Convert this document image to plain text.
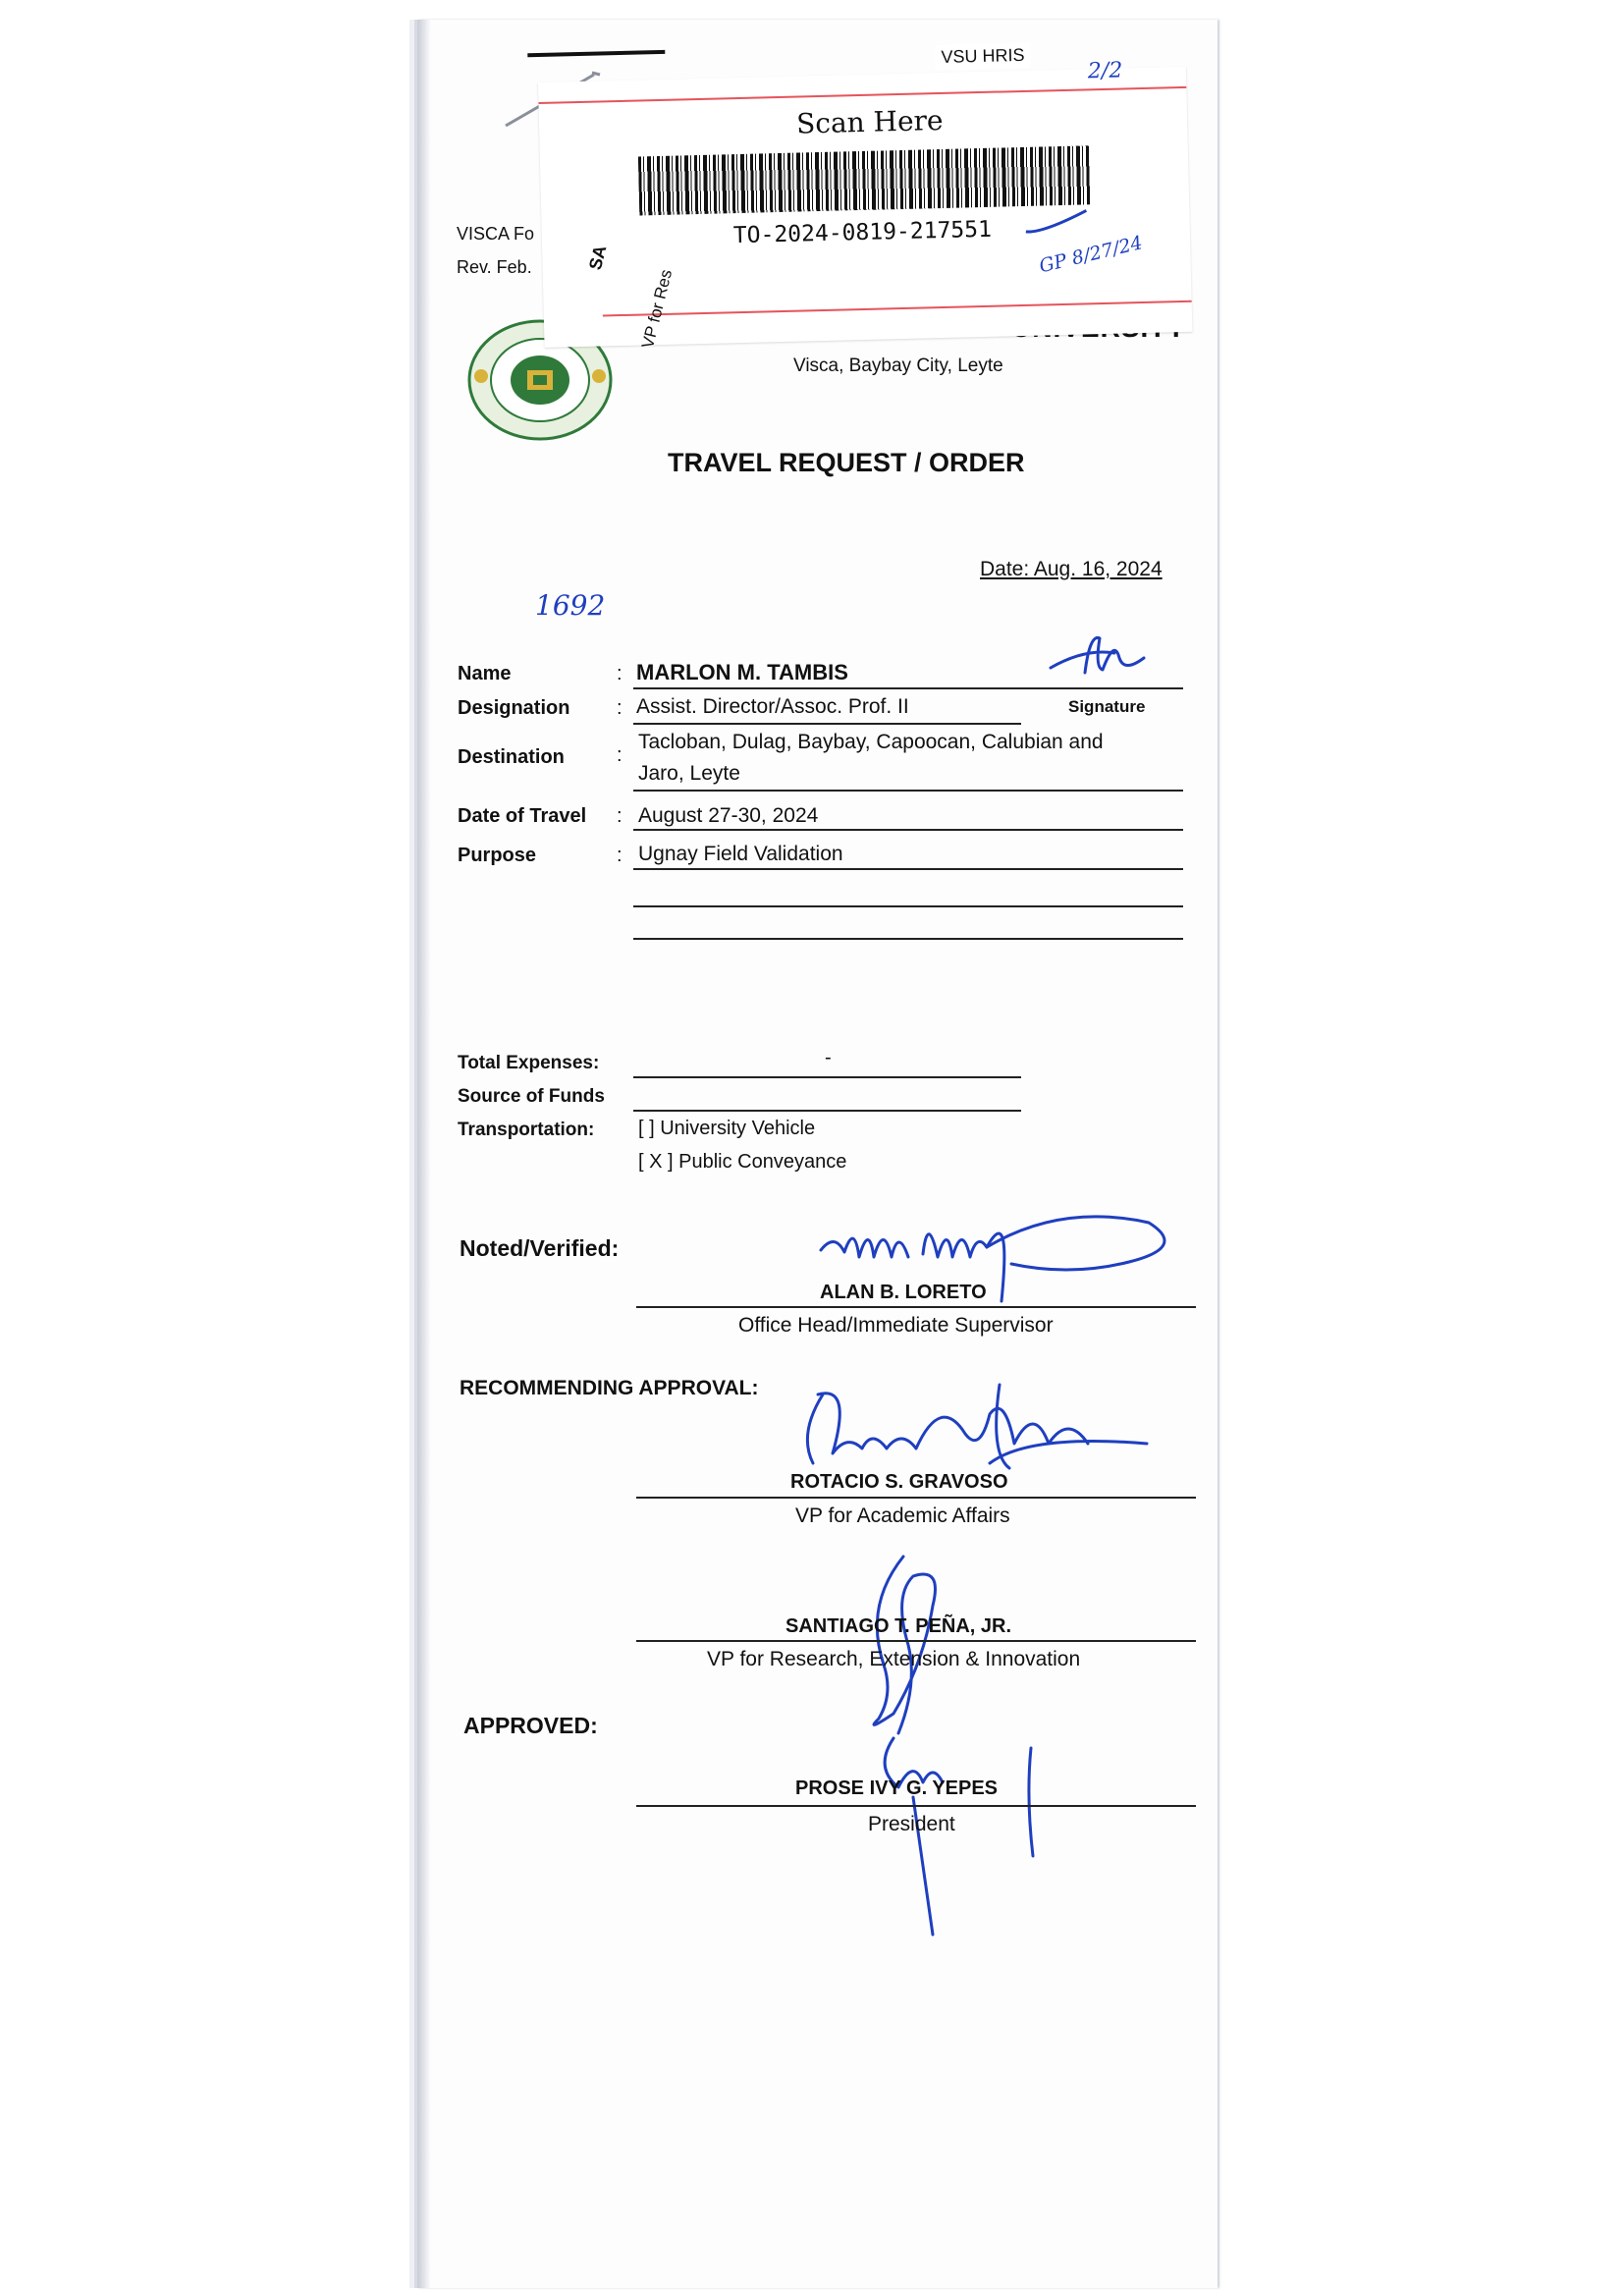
VISCA Fo
Rev. Feb.
Visca, Baybay City, Leyte
TRAVEL REQUEST / ORDER
Date: Aug. 16, 2024
1692
VSU HRIS
2/2
Scan Here
TO-2024-0819-217551 GP 8/27/24
SA
VP for Res
Name	: MARLON M. TAMBIS
Signature
Designation : Assist. Director/Assoc. Prof. II
Destination	:
Tacloban, Dulag, Baybay, Capoocan, Calubian and
Jaro, Leyte
Date of Travel : August 27-30, 2024
Purpose	: Ugnay Field Validation
Total Expenses:	-
Source of Funds
Transportation: [ ] University Vehicle
[ X ] Public Conveyance
Noted/Verified:
ALAN B. LORETO
Office Head/Immediate Supervisor
RECOMMENDING APPROVAL:
ROTACIO S. GRAVOSO
VP for Academic Affairs
SANTIAGO T. PEÑA, JR.
VP for Research, Extension & Innovation
APPROVED:
PROSE IVY G. YEPES
President
